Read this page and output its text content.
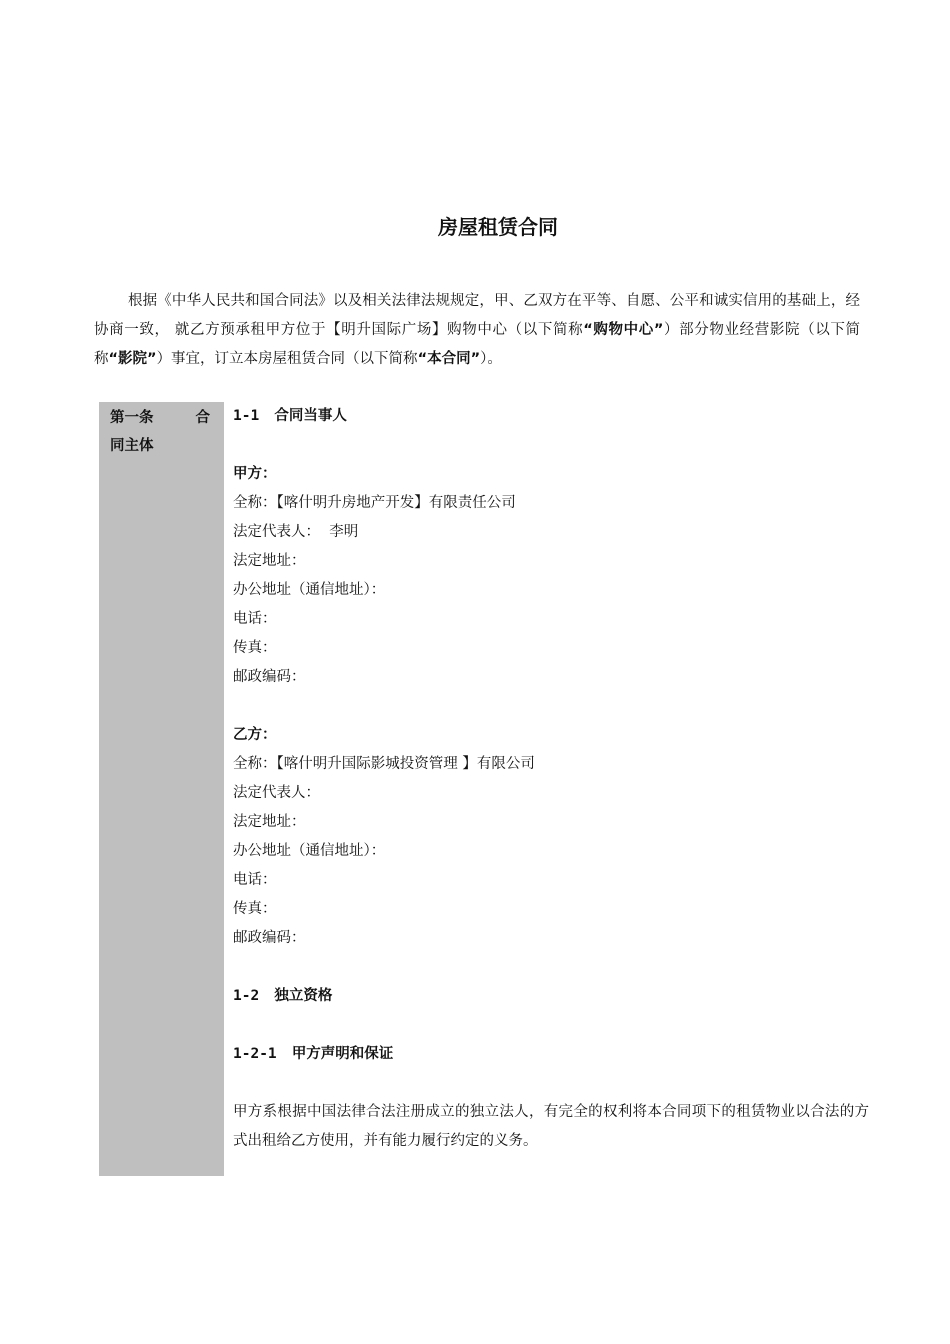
房屋租赁合同
根据《中华人民共和国合同法》以及相关法律法规规定，甲、乙双方在平等、自愿、公平和诚实信用的基础上，经协商一致， 就乙方预承租甲方位于【明升国际广场】购物中心（以下简称“购物中心”）部分物业经营影院（以下简称“影院”）事宜，订立本房屋租赁合同（以下简称“本合同”）。
第一条	合
同主体
1-1 合同当事人
甲方：
全称：【喀什明升房地产开发】有限责任公司
法定代表人：  李明
法定地址：
办公地址（通信地址）：
电话：
传真：
邮政编码：
乙方：
全称：【喀什明升国际影城投资管理 】有限公司
法定代表人：
法定地址：
办公地址（通信地址）：
电话：
传真：
邮政编码：
1-2 独立资格
1-2-1 甲方声明和保证
甲方系根据中国法律合法注册成立的独立法人，有完全的权利将本合同项下的租赁物业以合法的方式出租给乙方使用，并有能力履行约定的义务。
